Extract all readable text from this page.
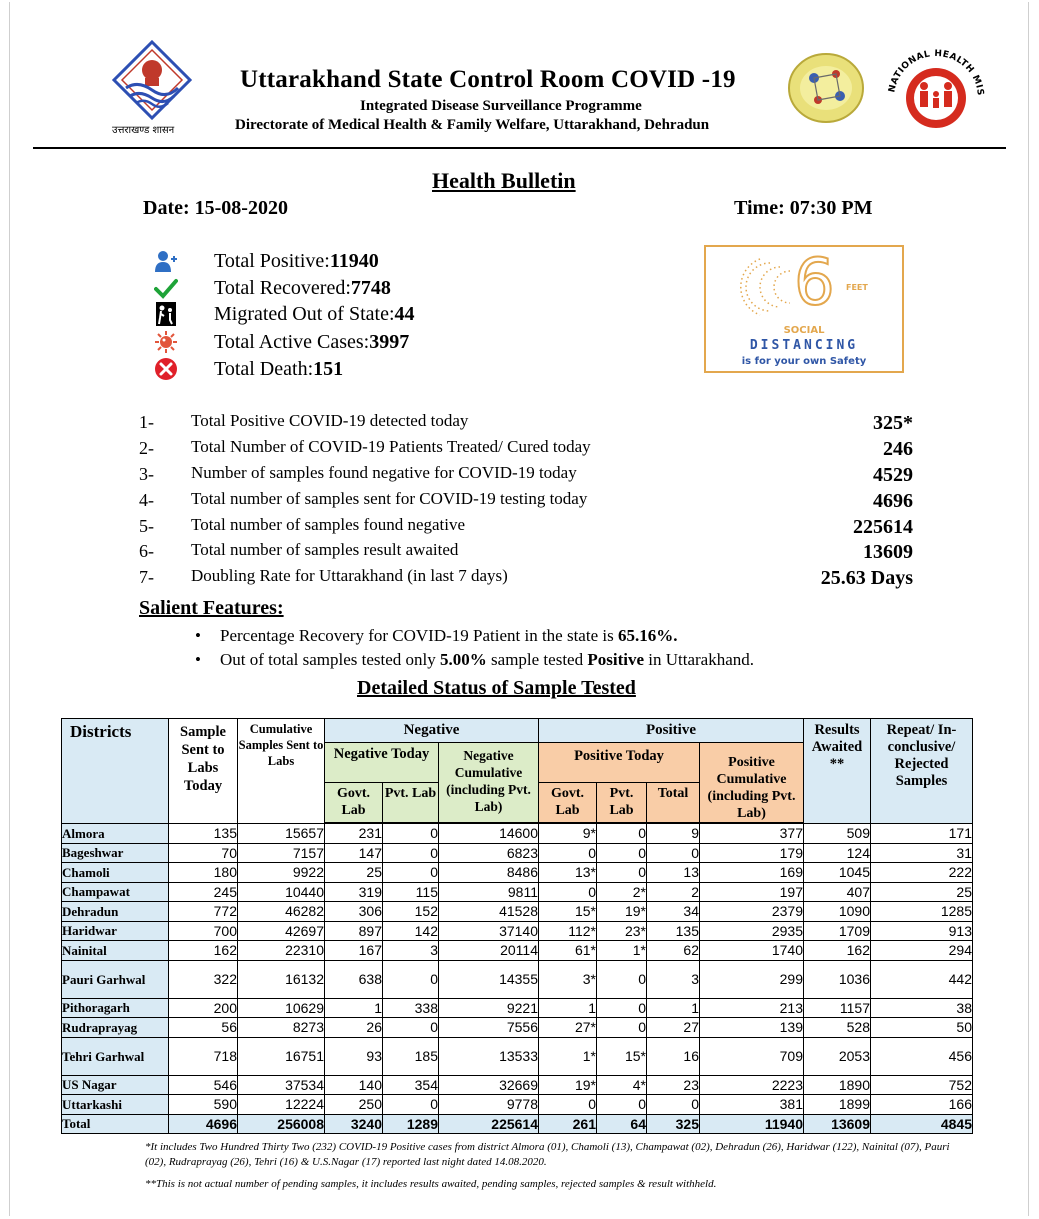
उत्तराखण्ड शासन
Uttarakhand State Control Room COVID -19
Integrated Disease Surveillance Programme
Directorate of Medical Health & Family Welfare, Uttarakhand, Dehradun
NATIONAL HEALTH MIS
Health Bulletin
Date: 15-08-2020	Time: 07:30 PM
Total Positive: 11940
Total Recovered: 7748
Migrated Out of State: 44
Total Active Cases: 3997
Total Death: 151
6 FEET
SOCIAL
DISTANCING
is for your own Safety
1- Total Positive COVID-19 detected today	325*
2- Total Number of COVID-19 Patients Treated/ Cured today	246
3- Number of samples found negative for COVID-19 today	4529
4- Total number of samples sent for COVID-19 testing today	4696
5- Total number of samples found negative	225614
6- Total number of samples result awaited	13609
7- Doubling Rate for Uttarakhand (in last 7 days)	25.63 Days
Salient Features:
• Percentage Recovery for COVID-19 Patient in the state is 65.16%.
• Out of total samples tested only 5.00% sample tested Positive in Uttarakhand.
Detailed Status of Sample Tested
Districts	Sample Sent to Labs Today	Cumulative Samples Sent to Labs	Negative			Positive				Results Awaited **	Repeat/ In-conclusive/ Rejected Samples
			Negative Today		Negative Cumulative (including Pvt. Lab)	Positive Today			Positive Cumulative (including Pvt. Lab)		
			Govt. Lab	Pvt. Lab		Govt. Lab	Pvt. Lab	Total			

Almora	135	15657	231	0	14600	9*	0	9	377	509	171
Bageshwar	70	7157	147	0	6823	0	0	0	179	124	31
Chamoli	180	9922	25	0	8486	13*	0	13	169	1045	222
Champawat	245	10440	319	115	9811	0	2*	2	197	407	25
Dehradun	772	46282	306	152	41528	15*	19*	34	2379	1090	1285
Haridwar	700	42697	897	142	37140	112*	23*	135	2935	1709	913
Nainital	162	22310	167	3	20114	61*	1*	62	1740	162	294
Pauri Garhwal	322	16132	638	0	14355	3*	0	3	299	1036	442
Pithoragarh	200	10629	1	338	9221	1	0	1	213	1157	38
Rudraprayag	56	8273	26	0	7556	27*	0	27	139	528	50
Tehri Garhwal	718	16751	93	185	13533	1*	15*	16	709	2053	456
US Nagar	546	37534	140	354	32669	19*	4*	23	2223	1890	752
Uttarkashi	590	12224	250	0	9778	0	0	0	381	1899	166
Total	4696	256008	3240	1289	225614	261	64	325	11940	13609	4845
*It includes Two Hundred Thirty Two (232) COVID-19 Positive cases from district Almora (01), Chamoli (13), Champawat (02), Dehradun (26), Haridwar (122), Nainital (07), Pauri (02), Rudraprayag (26), Tehri (16) & U.S.Nagar (17) reported last night dated 14.08.2020.
**This is not actual number of pending samples, it includes results awaited, pending samples, rejected samples & result withheld.
